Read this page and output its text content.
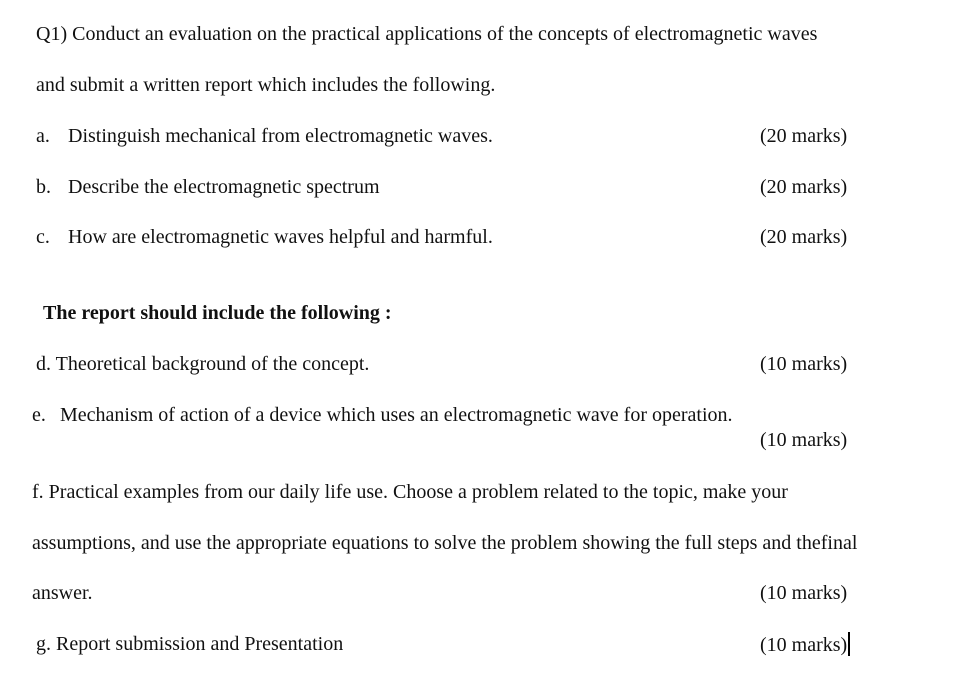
Q1) Conduct an evaluation on the practical applications of the concepts of electromagnetic waves
and submit a written report which includes the following.
a. Distinguish mechanical from electromagnetic waves.	(20 marks)
b. Describe the electromagnetic spectrum	(20 marks)
c. How are electromagnetic waves helpful and harmful.	(20 marks)
The report should include the following :
d. Theoretical background of the concept.	(10 marks)
e. Mechanism of action of a device which uses an electromagnetic wave for operation.
(10 marks)
f. Practical examples from our daily life use. Choose a problem related to the topic, make your
assumptions, and use the appropriate equations to solve the problem showing the full steps and thefinal
answer.	(10 marks)
g. Report submission and Presentation	(10 marks)
